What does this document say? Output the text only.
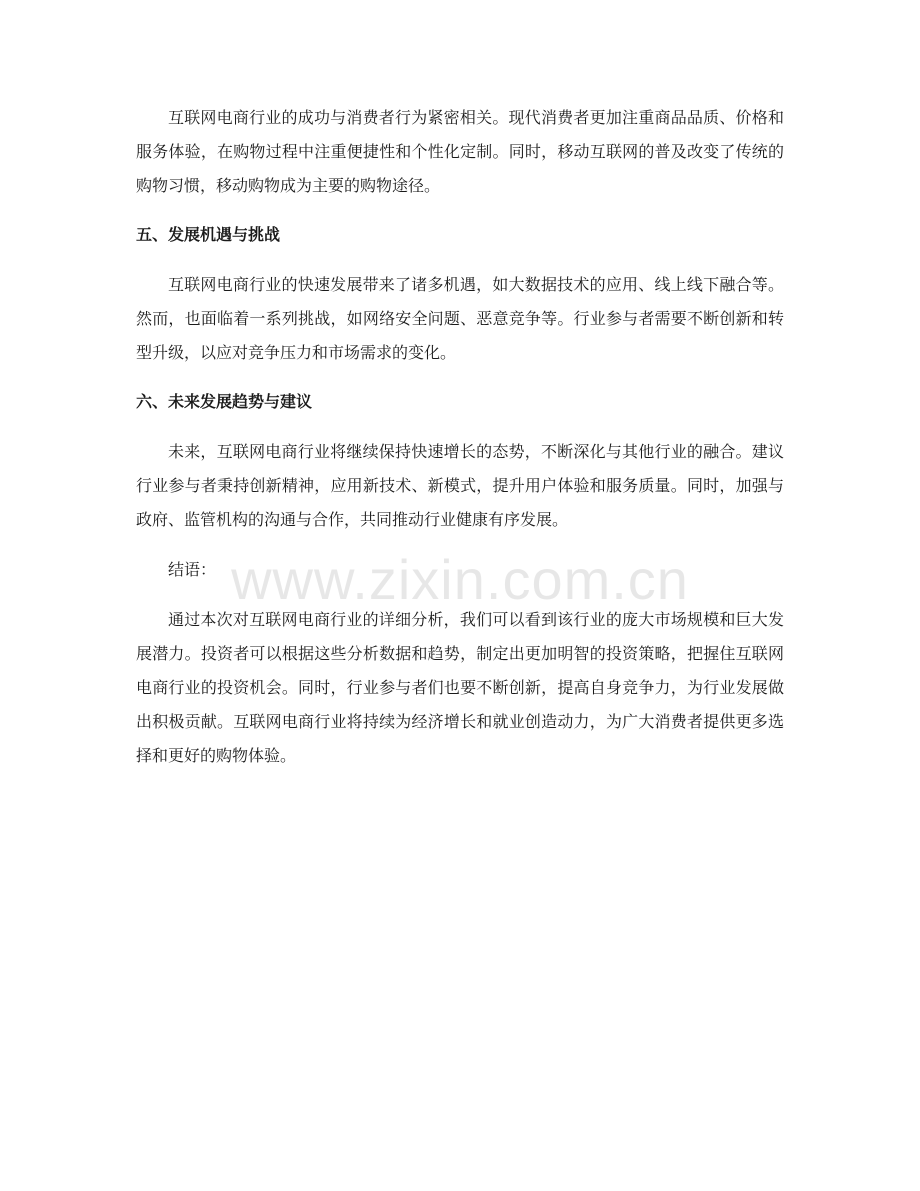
互联网电商行业的成功与消费者行为紧密相关。现代消费者更加注重商品品质、价格和服务体验，在购物过程中注重便捷性和个性化定制。同时，移动互联网的普及改变了传统的购物习惯，移动购物成为主要的购物途径。

五、发展机遇与挑战

互联网电商行业的快速发展带来了诸多机遇，如大数据技术的应用、线上线下融合等。然而，也面临着一系列挑战，如网络安全问题、恶意竞争等。行业参与者需要不断创新和转型升级，以应对竞争压力和市场需求的变化。

六、未来发展趋势与建议

未来，互联网电商行业将继续保持快速增长的态势，不断深化与其他行业的融合。建议行业参与者秉持创新精神，应用新技术、新模式，提升用户体验和服务质量。同时，加强与政府、监管机构的沟通与合作，共同推动行业健康有序发展。

结语：

通过本次对互联网电商行业的详细分析，我们可以看到该行业的庞大市场规模和巨大发展潜力。投资者可以根据这些分析数据和趋势，制定出更加明智的投资策略，把握住互联网电商行业的投资机会。同时，行业参与者们也要不断创新，提高自身竞争力，为行业发展做出积极贡献。互联网电商行业将持续为经济增长和就业创造动力，为广大消费者提供更多选择和更好的购物体验。

www.zixin.com.cn
